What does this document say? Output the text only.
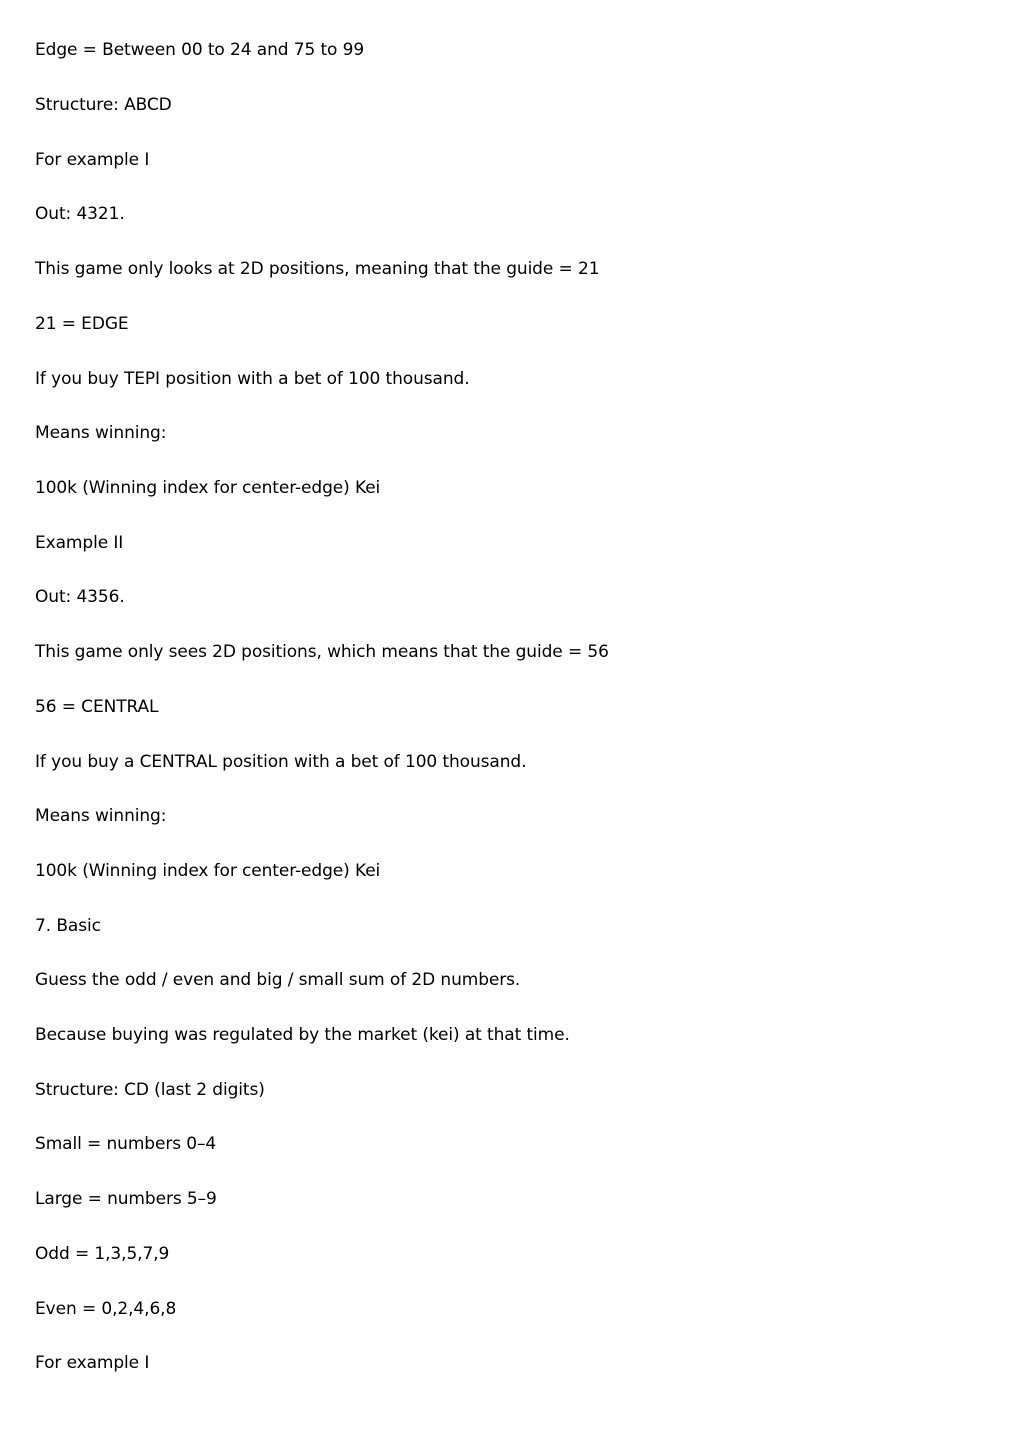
Edge = Between 00 to 24 and 75 to 99

Structure: ABCD

For example I

Out: 4321.

This game only looks at 2D positions, meaning that the guide = 21

21 = EDGE

If you buy TEPI position with a bet of 100 thousand.

Means winning:

100k (Winning index for center-edge) Kei

Example II

Out: 4356.

This game only sees 2D positions, which means that the guide = 56

56 = CENTRAL

If you buy a CENTRAL position with a bet of 100 thousand.

Means winning:

100k (Winning index for center-edge) Kei

7. Basic

Guess the odd / even and big / small sum of 2D numbers.

Because buying was regulated by the market (kei) at that time.

Structure: CD (last 2 digits)

Small = numbers 0–4

Large = numbers 5–9

Odd = 1,3,5,7,9

Even = 0,2,4,6,8

For example I
